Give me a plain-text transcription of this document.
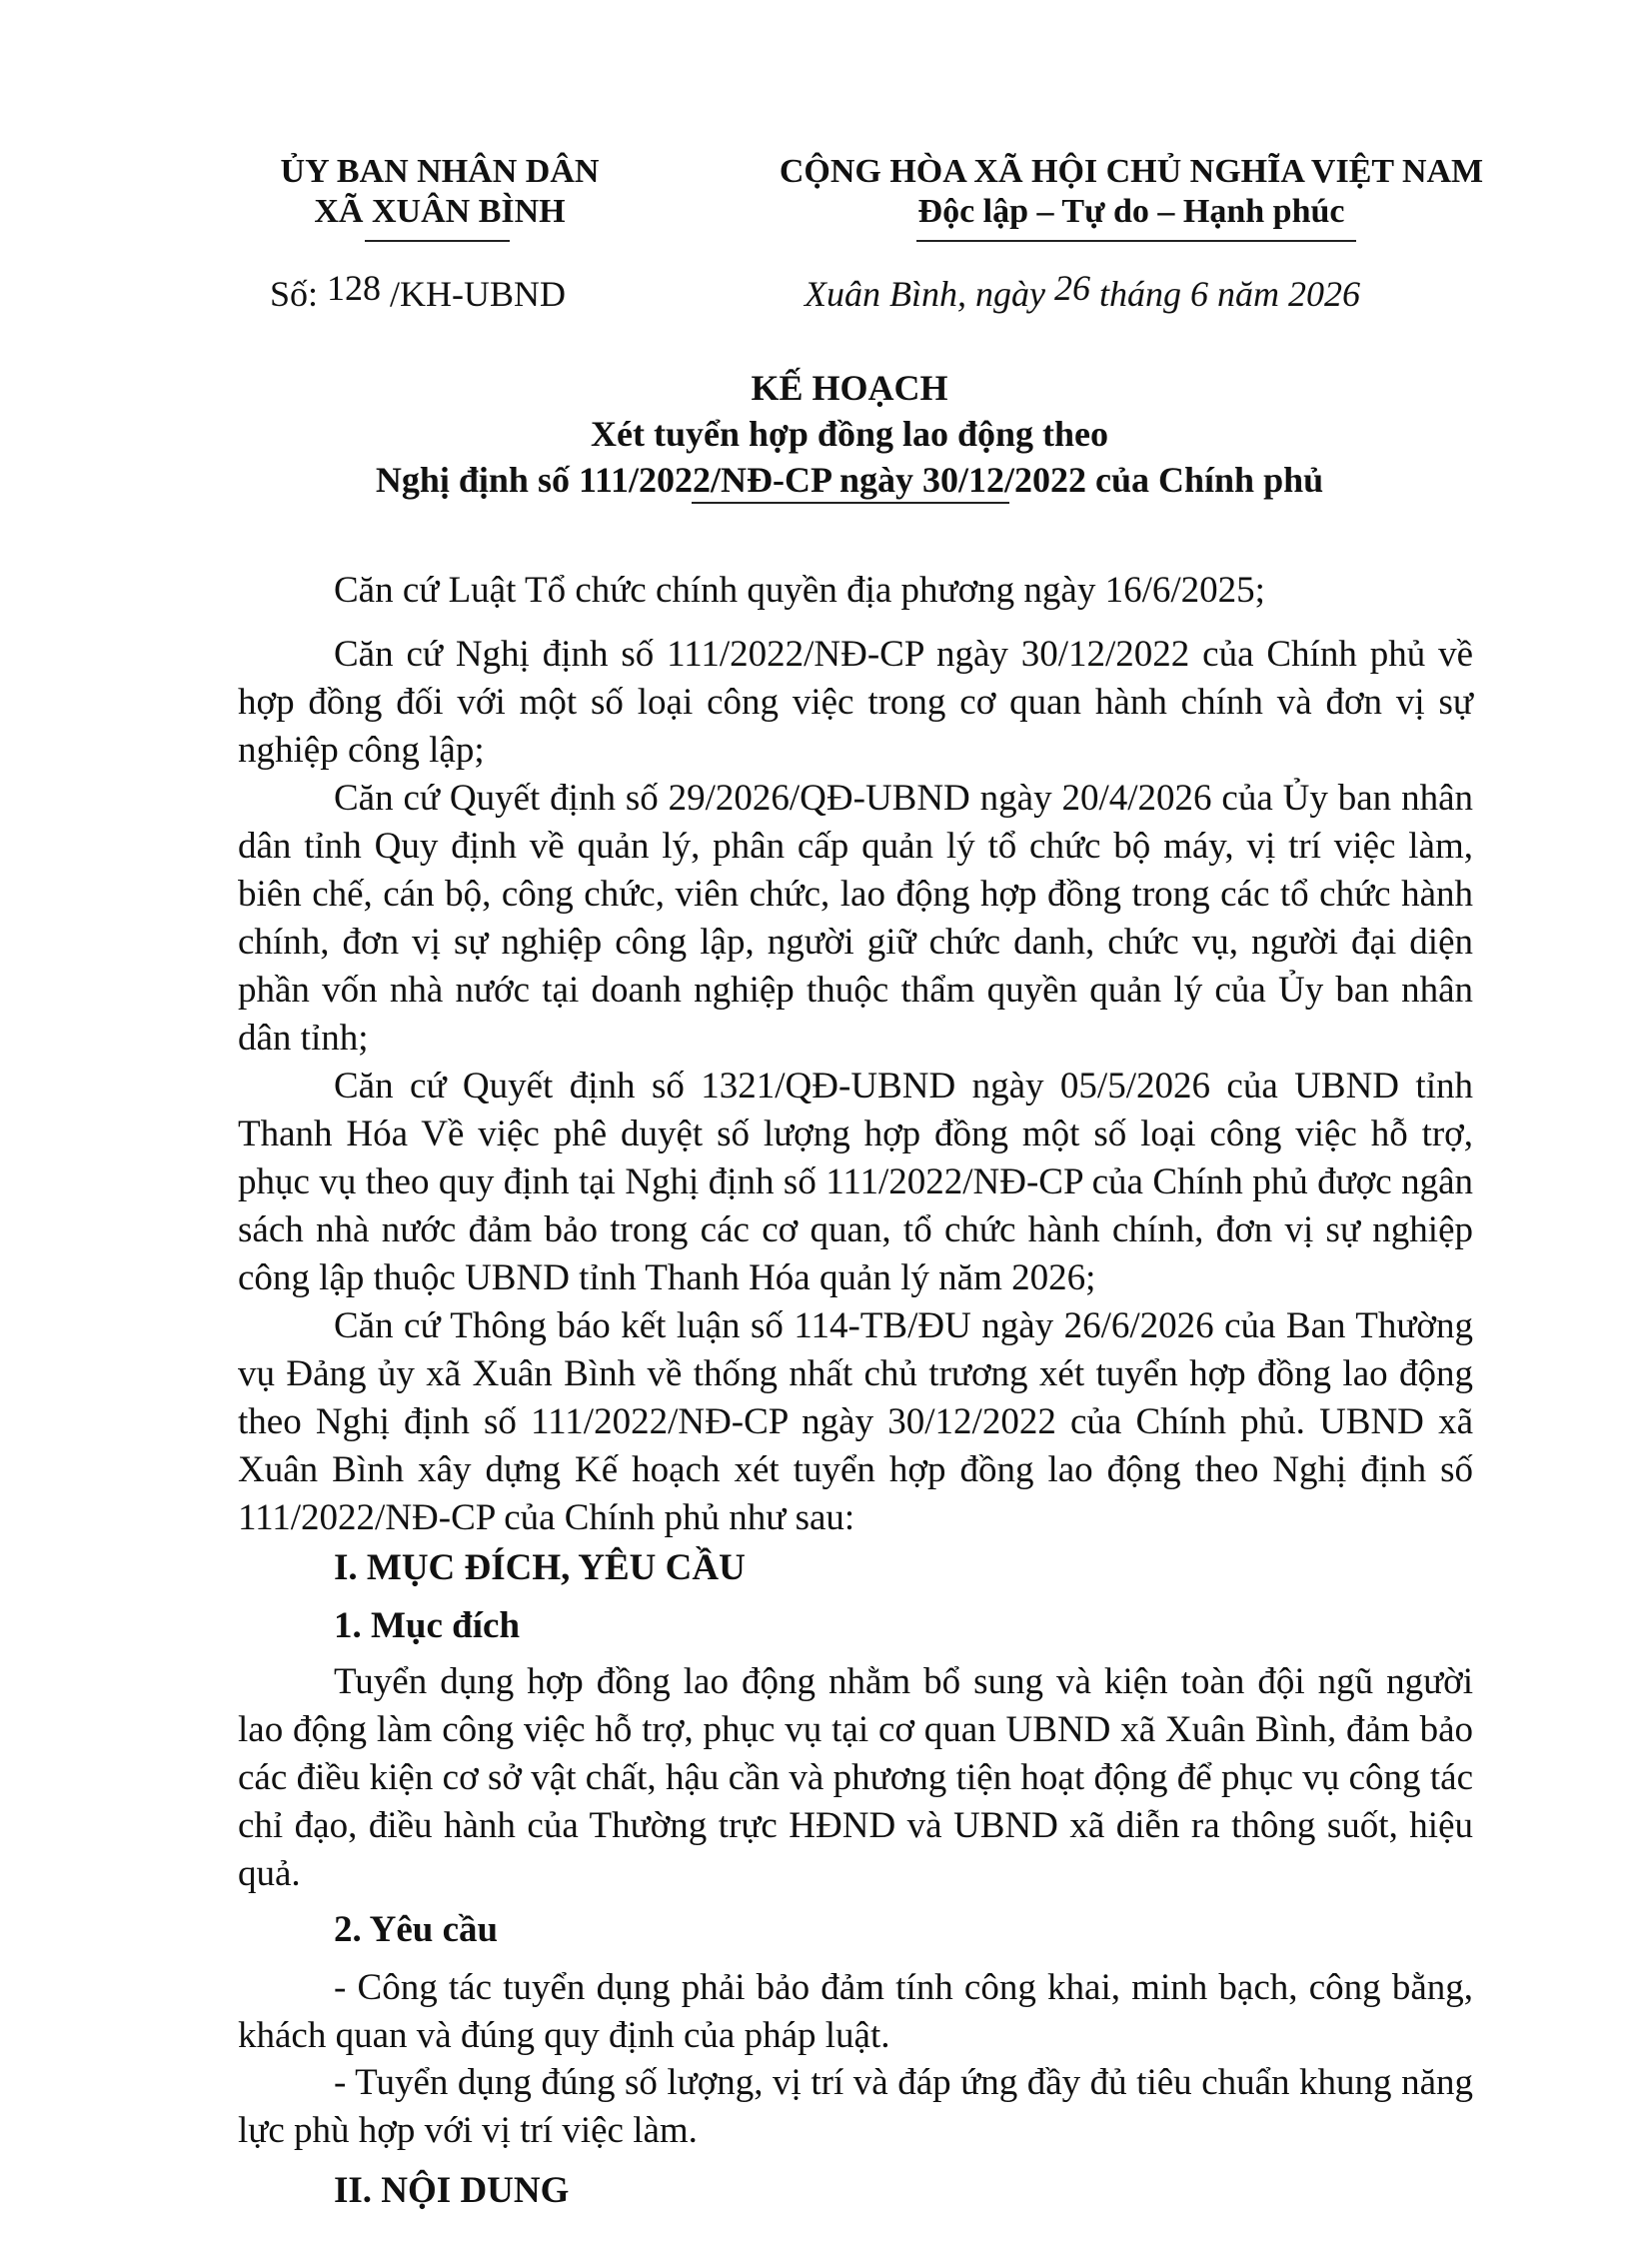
ỦY BAN NHÂN DÂN
XÃ XUÂN BÌNH
CỘNG HÒA XÃ HỘI CHỦ NGHĨA VIỆT NAM
Độc lập – Tự do – Hạnh phúc
Số: 128 /KH-UBND	Xuân Bình, ngày 26 tháng 6 năm 2026
KẾ HOẠCH
Xét tuyển hợp đồng lao động theo
Nghị định số 111/2022/NĐ-CP ngày 30/12/2022 của Chính phủ
Căn cứ Luật Tổ chức chính quyền địa phương ngày 16/6/2025;
Căn cứ Nghị định số 111/2022/NĐ-CP ngày 30/12/2022 của Chính phủ về hợp đồng đối với một số loại công việc trong cơ quan hành chính và đơn vị sự nghiệp công lập;
Căn cứ Quyết định số 29/2026/QĐ-UBND ngày 20/4/2026 của Ủy ban nhân dân tỉnh Quy định về quản lý, phân cấp quản lý tổ chức bộ máy, vị trí việc làm, biên chế, cán bộ, công chức, viên chức, lao động hợp đồng trong các tổ chức hành chính, đơn vị sự nghiệp công lập, người giữ chức danh, chức vụ, người đại diện phần vốn nhà nước tại doanh nghiệp thuộc thẩm quyền quản lý của Ủy ban nhân dân tỉnh;
Căn cứ Quyết định số 1321/QĐ-UBND ngày 05/5/2026 của UBND tỉnh Thanh Hóa Về việc phê duyệt số lượng hợp đồng một số loại công việc hỗ trợ, phục vụ theo quy định tại Nghị định số 111/2022/NĐ-CP của Chính phủ được ngân sách nhà nước đảm bảo trong các cơ quan, tổ chức hành chính, đơn vị sự nghiệp công lập thuộc UBND tỉnh Thanh Hóa quản lý năm 2026;
Căn cứ Thông báo kết luận số 114-TB/ĐU ngày 26/6/2026 của Ban Thường vụ Đảng ủy xã Xuân Bình về thống nhất chủ trương xét tuyển hợp đồng lao động theo Nghị định số 111/2022/NĐ-CP ngày 30/12/2022 của Chính phủ. UBND xã Xuân Bình xây dựng Kế hoạch xét tuyển hợp đồng lao động theo Nghị định số 111/2022/NĐ-CP của Chính phủ như sau:
I. MỤC ĐÍCH, YÊU CẦU
1. Mục đích
Tuyển dụng hợp đồng lao động nhằm bổ sung và kiện toàn đội ngũ người lao động làm công việc hỗ trợ, phục vụ tại cơ quan UBND xã Xuân Bình, đảm bảo các điều kiện cơ sở vật chất, hậu cần và phương tiện hoạt động để phục vụ công tác chỉ đạo, điều hành của Thường trực HĐND và UBND xã diễn ra thông suốt, hiệu quả.
2. Yêu cầu
- Công tác tuyển dụng phải bảo đảm tính công khai, minh bạch, công bằng, khách quan và đúng quy định của pháp luật.
- Tuyển dụng đúng số lượng, vị trí và đáp ứng đầy đủ tiêu chuẩn khung năng lực phù hợp với vị trí việc làm.
II. NỘI DUNG
